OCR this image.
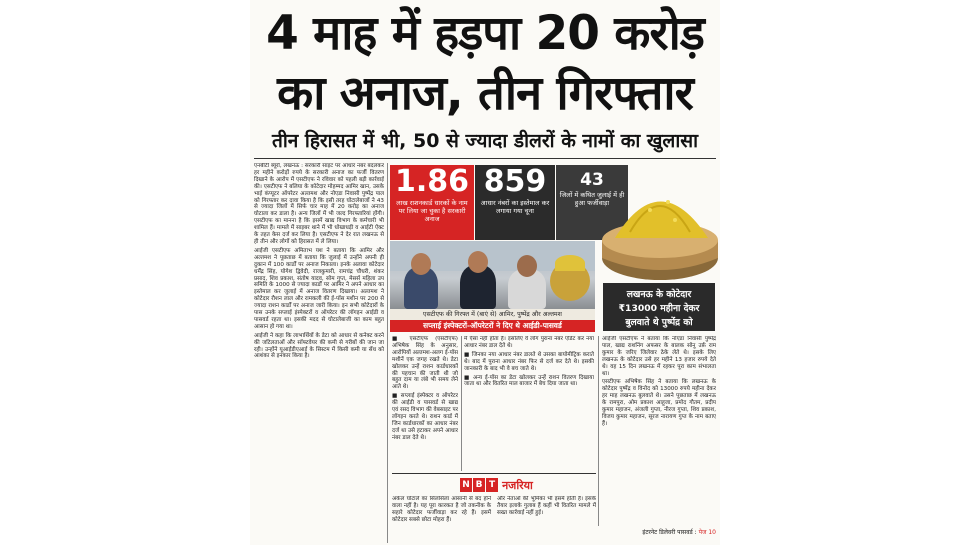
4 माह में हड़पा 20 करोड़
का अनाज, तीन गिरफ्तार
तीन हिरासत में भी, 50 से ज्यादा डीलरों के नामों का खुलासा

एनबीटी ब्यूरो, लखनऊ : सरकारी साइट पर आधार नंबर बदलकर हर महीने करोड़ों रुपये के सरकारी अनाज का फर्जी वितरण दिखाने के आरोप में एसटीएफ ने रविवार को पहली बड़ी कार्रवाई की। एसटीएफ ने बलिया के कोटेदार मोहम्मद आमिर खान, उसके भाई कंप्यूटर ऑपरेटर अल्तमश और नोएडा निवासी पुष्पेंद्र पाल को गिरफ्तार कर दावा किया है कि इसी तरह घोटालेबाजों ने 43 से ज्यादा जिलों में सिर्फ चार माह में 20 करोड़ का अनाज घोटाला कर डाला है। अन्य जिलों में भी जल्द गिरफ्तारियां होंगी। एसटीएफ का मानना है कि इसमें खाद्य विभाग के कर्मचारी भी शामिल हैं। मामले में साइबर थाने में भी धोखाधड़ी व आईटी ऐक्ट के तहत केस दर्ज कर लिया है। एसटीएफ ने देर रात लखनऊ से ही तीन और लोगों को हिरासत में ले लिया।

आईजी एसटीएफ अमिताभ यश ने बताया कि आमिर और अल्तमश ने पूछताछ में बताया कि जुलाई में उन्होंने अपनी ही दुकान में 100 कार्डों पर अनाज निकाला। इनके अलावा कोटेदार धर्मेंद्र सिंह, योगेश द्विवेदी, राजकुमारी, रामचंद्र चौधरी, शंकर प्रसाद, शिव प्रकाश, संतोष यादव, सोम गुप्त, मेसर्स महिला उप समिति के 1000 से ज्यादा कार्डों पर आमिर ने अपने आधार का इस्तेमाल कर जुलाई में अनाज वितरण दिखाया। अल्तमश ने कोटेदार रौशन लाल और रामकली की ई-पॉस मशीन पर 200 से ज्यादा राशन कार्डों पर अनाज जारी किया। इन सभी कोटेदारों के पास उनके सप्लाई इंस्पेक्टरों व ऑपरेटर की लॉगइन आईडी व पासवर्ड रहता था। इसकी मदद से घोटालेबाजी का काम बहुत आसान हो गया था।

आईजी ने कहा कि लाभार्थियों के डेटा को आधार से कनेक्ट करने की जटिलताओं और सॉफ्टवेयर की कमी से गरीबों की जान जा रही। उन्होंने यूआईडीएआई के सिस्टम में किसी कमी या सेंध को आशंका से इनकार किया है।

1.86
लाख राशनकार्ड धारकों के नाम पर लिया जा चुका है सरकारी अनाज
859
आधार नंबरों का इस्तेमाल कर लगाया गया चूना
43
जिलों में कथित जुलाई में ही हुआ फर्जीवाड़ा
एसटीएफ की गिरफ्त में (बाएं से) आमिर, पुष्पेंद्र और अल्तमश
सप्लाई इंस्पेक्टरों-ऑपरेटरों ने दिए थे आईडी-पासवर्ड
लखनऊ के कोटेदार
₹13000 महीना देकर
बुलवाते थे पुष्पेंद्र को

■ एसटीएफ (एसटीएफ) अभिषेक सिंह के अनुसार, आरोपियों अल्तमश-अलग ई-पॉस मशीनें एक जगह रखते थे। डेटा खोलकर उन्हें राशन कार्डधारकों की पहचान की जाती थी जो बहुत दाम या लंबे भी समय लेने आते थे।

■ सप्लाई इंस्पेक्टर व ऑपरेटर की आईडी व पासवर्ड से खाद्य एवं रसद विभाग की वेबसाइट पर लॉगइन करते थे। राशन कार्ड में जिन कार्डधारकों का आधार नंबर दर्ज था उसे हटाकर अपने आधार नंबर डाल देते थे।

में ऐसा नहीं होता है। इसलिए वे लोग पुराना नंबर एडिट कर नया आधार नंबर डाल देते थे।

■ जिनका नया आधार नंबर डालते थे उसका बायोमीट्रिक कराते थे। बाद में पुराना आधार नंबर फिर से दर्ज कर देते थे। इसकी जानकारी के बाद भी वे बच जाते थे।

■ अन्य ई-पॉस का डेटा खोलकर उन्हें राशन वितरण दिखाया जाता था और वितरित माल बाजार में बेच दिया जाता था।

आईजी एसटीएफ ने बताया कि नोएडा निवासी पुष्पेंद्र पाल, खाद्य राशनिंग अफसर के बालक सोनू उर्फ़ राम कुमार के जरिए जिलेवार ठेके लेते थे। इसके लिए लखनऊ के कोटेदार उसे हर महीने 13 हजार रुपये देते थे। वह 15 दिन लखनऊ में रहकर पूरा काम संभालता था।

एसटीएफ अभिषेक सिंह ने बताया कि लखनऊ के कोटेदार पुष्पेंद्र व विनोद को 13000 रुपये महीना देकर हर माह लखनऊ बुलवाते थे। उसने पूछताछ में लखनऊ के रामपुरा, ओम प्रकाश आहूजा, प्रमोद गौतम, प्रदीप कुमार महाजन, अंजली गुप्ता, नीरज गुप्ता, शिव प्रकाश, विजय कुमार महाजन, सूरज नारायण गुप्त के नाम बताए हैं।

N B T नजरिया

अकेल घोटाले का सिलसिला आसानी से बंद होने वाला नहीं है। यह पूरा कारकत है जो तकनीक के सहारे कोटेदार फर्जीवाड़ा कर रहे हैं। इसमें कोटेदार सबसे छोटा मोहरा हैं।

और नेताओं की भूमिका भी इसमें होती है। इसके तैयार इलाके गुलाब हैं कहीं भी वितरित मामले में सख्त कार्रवाई नहीं हुई।

इंटरनेट डिलेवरी पासवर्ड : पेज 10
